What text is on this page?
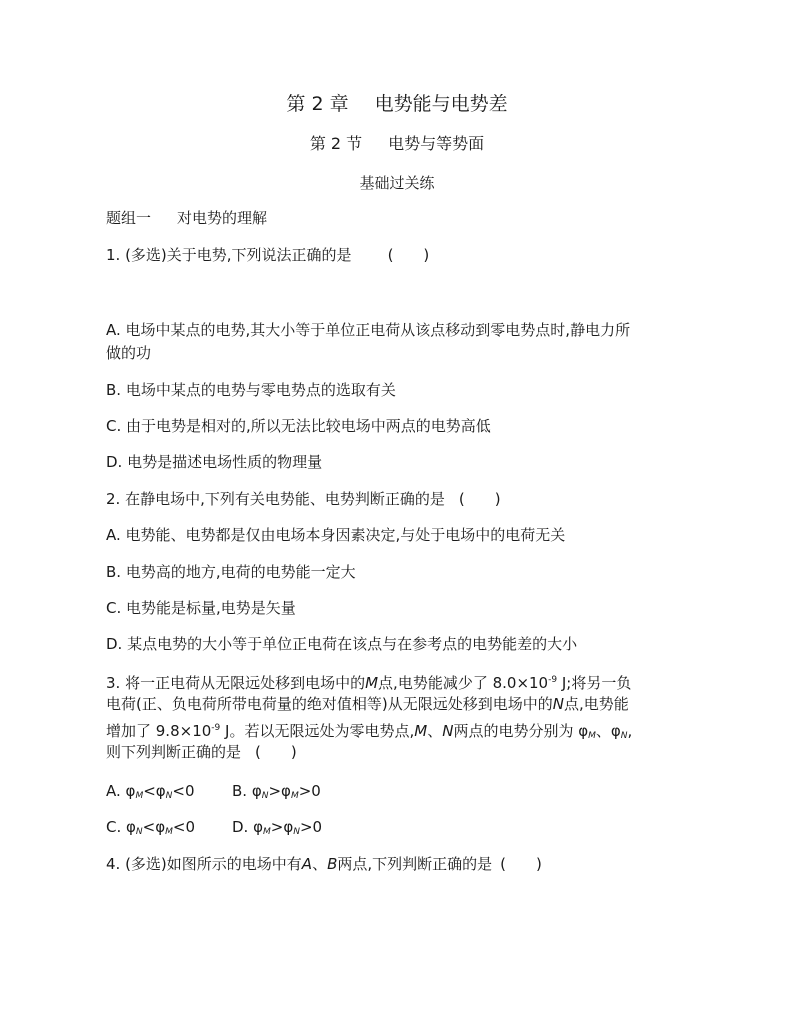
第 2 章 电势能与电势差
第 2 节 电势与等势面
基础过关练
题组一 对电势的理解
1. (多选)关于电势,下列说法正确的是 (　　)
A. 电场中某点的电势,其大小等于单位正电荷从该点移动到零电势点时,静电力所
做的功
B. 电场中某点的电势与零电势点的选取有关
C. 由于电势是相对的,所以无法比较电场中两点的电势高低
D. 电势是描述电场性质的物理量
2. 在静电场中,下列有关电势能、电势判断正确的是 (　　)
A. 电势能、电势都是仅由电场本身因素决定,与处于电场中的电荷无关
B. 电势高的地方,电荷的电势能一定大
C. 电势能是标量,电势是矢量
D. 某点电势的大小等于单位正电荷在该点与在参考点的电势能差的大小
3. 将一正电荷从无限远处移到电场中的M点,电势能减少了 $8.0\times 10^{-9}$ J;将另一负
电荷(正、负电荷所带电荷量的绝对值相等)从无限远处移到电场中的N点,电势能
增加了 $9.8\times 10^{-9}$ J。若以无限远处为零电势点,M、N两点的电势分别为 $\varphi_M$、$\varphi_N$,
则下列判断正确的是 (　　)
A. $\varphi_M<\varphi_N<0$ B. $\varphi_N>\varphi_M>0$
C. $\varphi_N<\varphi_M<0$ D. $\varphi_M>\varphi_N>0$
4. (多选)如图所示的电场中有A、B两点,下列判断正确的是 (　　)
